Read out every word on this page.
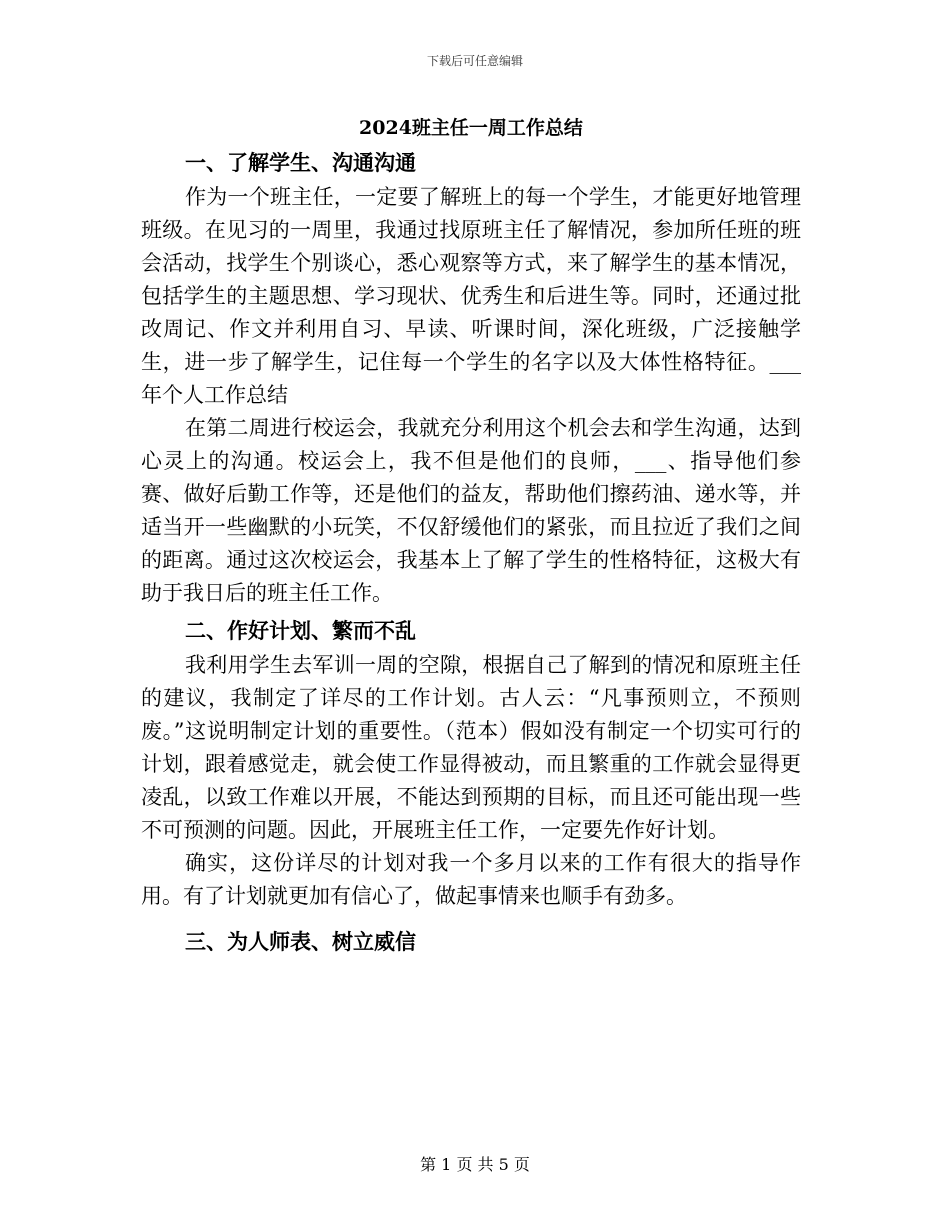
下载后可任意编辑
2024班主任一周工作总结
一、了解学生、沟通沟通

作为一个班主任，一定要了解班上的每一个学生，才能更好地管理班级。在见习的一周里，我通过找原班主任了解情况，参加所任班的班会活动，找学生个别谈心，悉心观察等方式，来了解学生的基本情况，包括学生的主题思想、学习现状、优秀生和后进生等。同时，还通过批改周记、作文并利用自习、早读、听课时间，深化班级，广泛接触学生，进一步了解学生，记住每一个学生的名字以及大体性格特征。___年个人工作总结

在第二周进行校运会，我就充分利用这个机会去和学生沟通，达到心灵上的沟通。校运会上，我不但是他们的良师，___、指导他们参赛、做好后勤工作等，还是他们的益友，帮助他们擦药油、递水等，并适当开一些幽默的小玩笑，不仅舒缓他们的紧张，而且拉近了我们之间的距离。通过这次校运会，我基本上了解了学生的性格特征，这极大有助于我日后的班主任工作。

二、作好计划、繁而不乱

我利用学生去军训一周的空隙，根据自己了解到的情况和原班主任的建议，我制定了详尽的工作计划。古人云：“凡事预则立，不预则废。”这说明制定计划的重要性。（范本）假如没有制定一个切实可行的计划，跟着感觉走，就会使工作显得被动，而且繁重的工作就会显得更凌乱，以致工作难以开展，不能达到预期的目标，而且还可能出现一些不可预测的问题。因此，开展班主任工作，一定要先作好计划。

确实，这份详尽的计划对我一个多月以来的工作有很大的指导作用。有了计划就更加有信心了，做起事情来也顺手有劲多。

三、为人师表、树立威信
第 1 页 共 5 页
